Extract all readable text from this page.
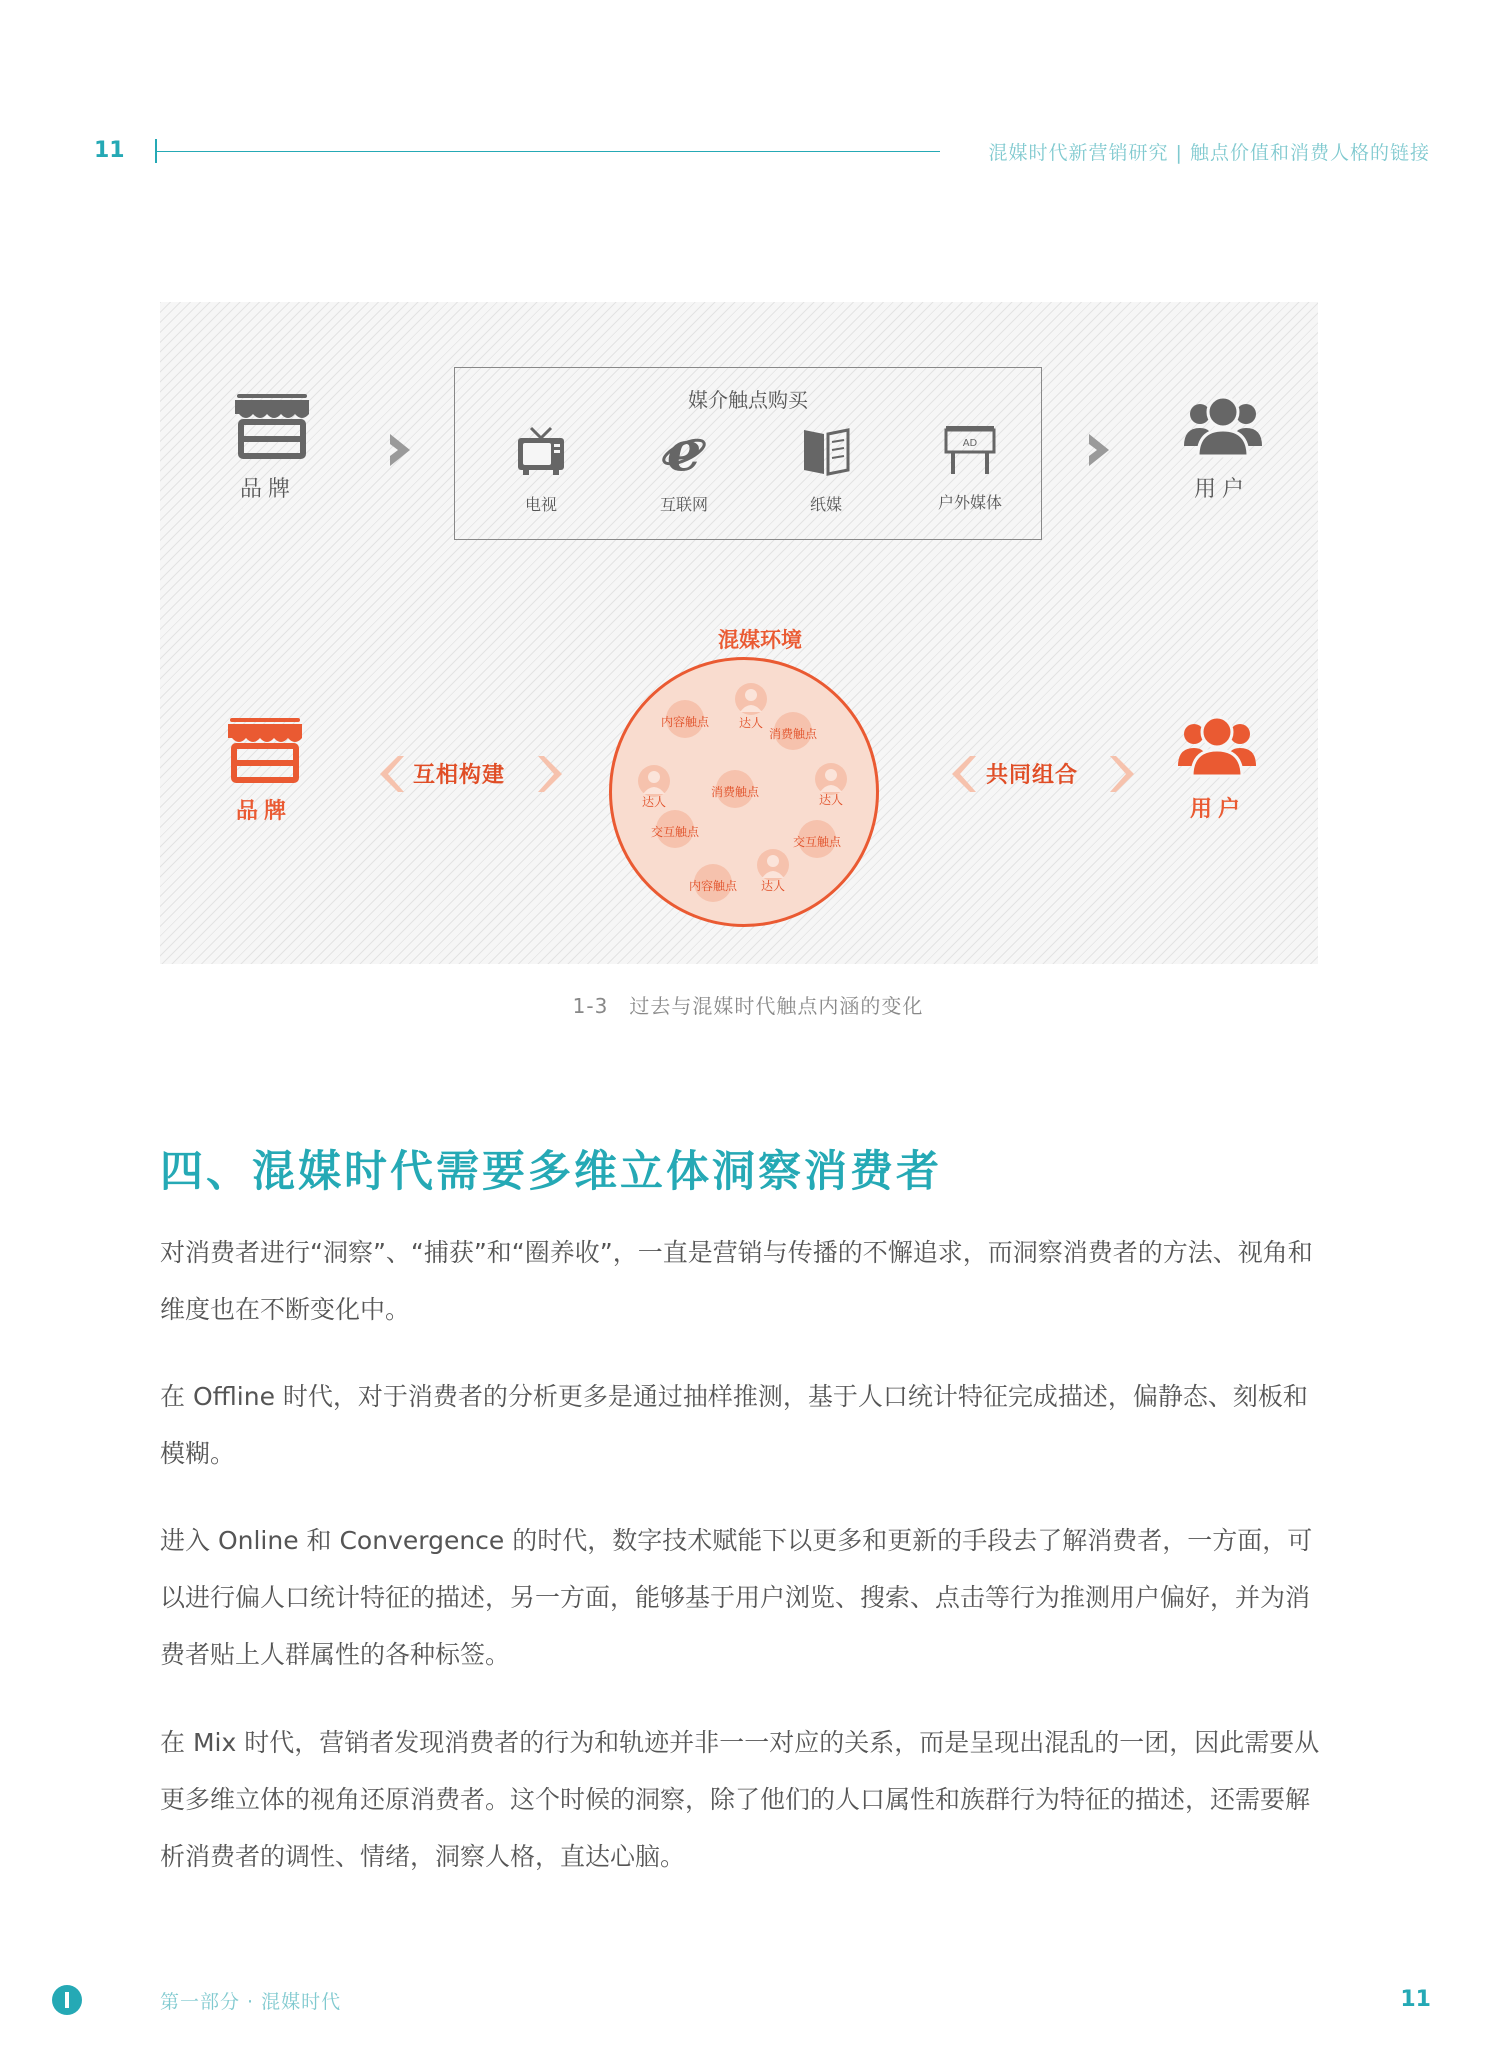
11	混媒时代新营销研究 | 触点价值和消费人格的链接
品牌
媒介触点购买
电视
e
互联网	纸媒
AD
户外媒体
用户
混媒环境
品牌
互相构建
内容触点	达人
消费触点
达人
消费触点
达人
交互触点
交互触点
内容触点	达人
共同组合
用户
1-3　过去与混媒时代触点内涵的变化
四、混媒时代需要多维立体洞察消费者
对消费者进行“洞察”、“捕获”和“圈养收”，一直是营销与传播的不懈追求，而洞察消费者的方法、视角和维度也在不断变化中。
在 Offline 时代，对于消费者的分析更多是通过抽样推测，基于人口统计特征完成描述，偏静态、刻板和模糊。
进入 Online 和 Convergence 的时代，数字技术赋能下以更多和更新的手段去了解消费者，一方面，可以进行偏人口统计特征的描述，另一方面，能够基于用户浏览、搜索、点击等行为推测用户偏好，并为消费者贴上人群属性的各种标签。
在 Mix 时代，营销者发现消费者的行为和轨迹并非一一对应的关系，而是呈现出混乱的一团，因此需要从更多维立体的视角还原消费者。这个时候的洞察，除了他们的人口属性和族群行为特征的描述，还需要解析消费者的调性、情绪，洞察人格，直达心脑。
第一部分 · 混媒时代	11
